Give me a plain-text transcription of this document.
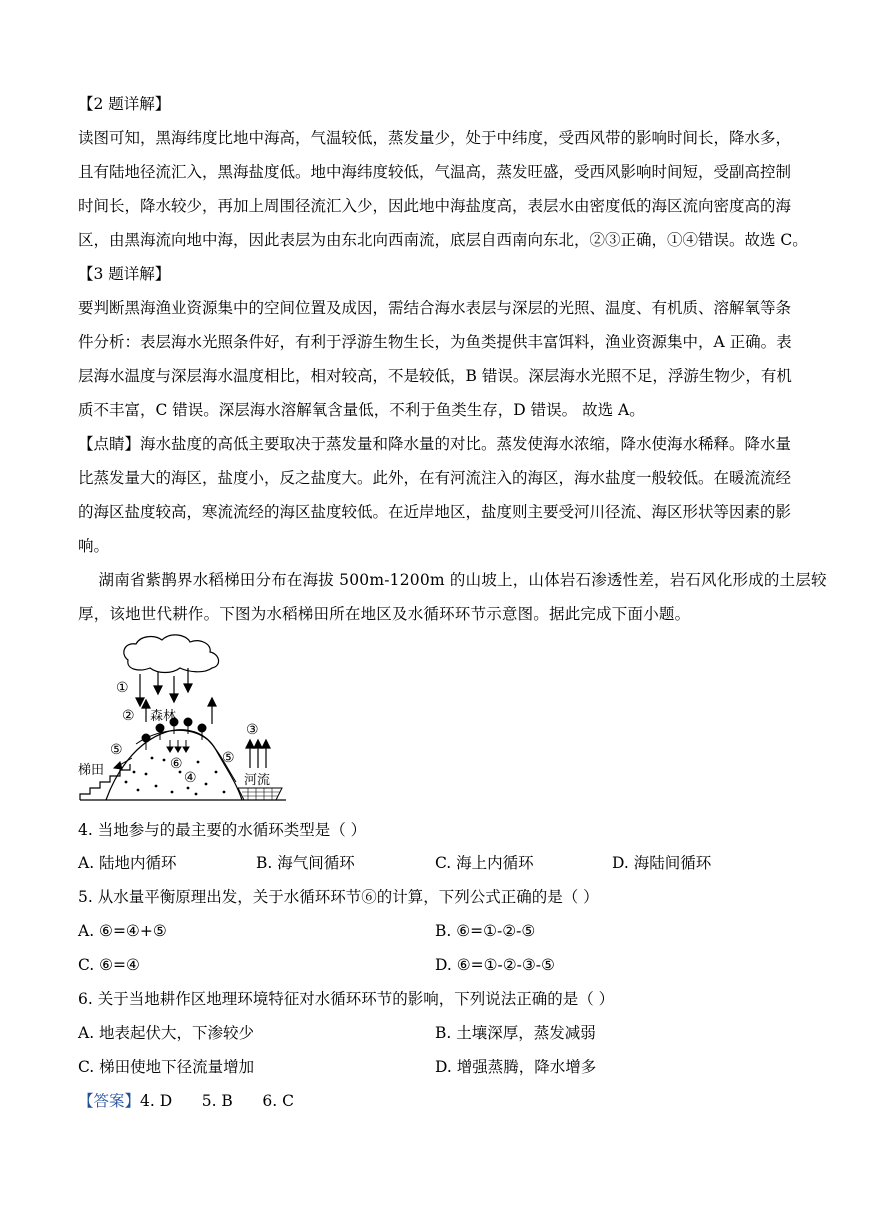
【2 题详解】
读图可知，黑海纬度比地中海高，气温较低，蒸发量少，处于中纬度，受西风带的影响时间长，降水多，
且有陆地径流汇入，黑海盐度低。地中海纬度较低，气温高，蒸发旺盛，受西风影响时间短，受副高控制
时间长，降水较少，再加上周围径流汇入少，因此地中海盐度高，表层水由密度低的海区流向密度高的海
区，由黑海流向地中海，因此表层为由东北向西南流，底层自西南向东北，②③正确，①④错误。故选 C。
【3 题详解】
要判断黑海渔业资源集中的空间位置及成因，需结合海水表层与深层的光照、温度、有机质、溶解氧等条
件分析：表层海水光照条件好，有利于浮游生物生长，为鱼类提供丰富饵料，渔业资源集中，A 正确。表
层海水温度与深层海水温度相比，相对较高，不是较低，B 错误。深层海水光照不足，浮游生物少，有机
质不丰富，C 错误。深层海水溶解氧含量低，不利于鱼类生存，D 错误。 故选 A。
【点睛】海水盐度的高低主要取决于蒸发量和降水量的对比。蒸发使海水浓缩，降水使海水稀释。降水量
比蒸发量大的海区，盐度小，反之盐度大。此外，在有河流注入的海区，海水盐度一般较低。在暖流流经
的海区盐度较高，寒流流经的海区盐度较低。在近岸地区，盐度则主要受河川径流、海区形状等因素的影
响。
湖南省紫鹊界水稻梯田分布在海拔 500m-1200m 的山坡上，山体岩石渗透性差，岩石风化形成的土层较
厚，该地世代耕作。下图为水稻梯田所在地区及水循环环节示意图。据此完成下面小题。
①
② 森林
③
⑤	⑤
⑥
④
梯田
河流
4. 当地参与的最主要的水循环类型是（ ）
A. 陆地内循环	B. 海气间循环	C. 海上内循环	D. 海陆间循环
5. 从水量平衡原理出发，关于水循环环节⑥的计算，下列公式正确的是（ ）
A. ⑥=④+⑤	B. ⑥=①-②-⑤
C. ⑥=④	D. ⑥=①-②-③-⑤
6. 关于当地耕作区地理环境特征对水循环环节的影响，下列说法正确的是（ ）
A. 地表起伏大，下渗较少	B. 土壤深厚，蒸发减弱
C. 梯田使地下径流量增加	D. 增强蒸腾，降水增多
【答案】4. D      5. B      6. C
